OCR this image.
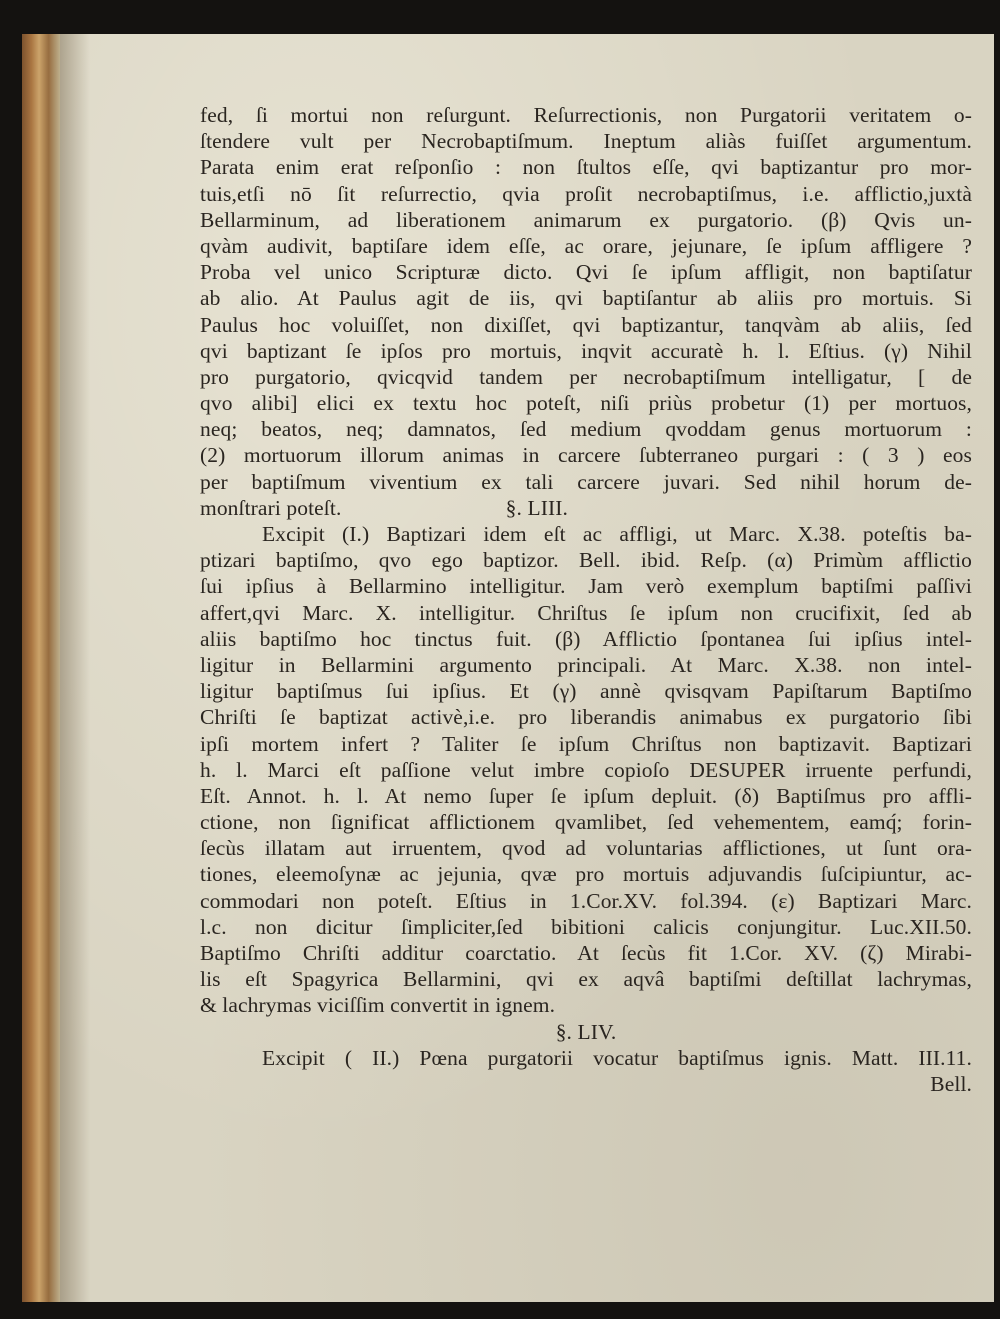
fed, ſi mortui non reſurgunt. Reſurrectionis, non Purgatorii veritatem o-
ſtendere vult per Necrobaptiſmum. Ineptum aliàs fuiſſet argumentum.
Parata enim erat reſponſio : non ſtultos eſſe, qvi baptizantur pro mor-
tuis,etſi nō ſit reſurrectio, qvia proſit necrobaptiſmus, i.e. afflictio,juxtà
Bellarminum, ad liberationem animarum ex purgatorio. (β) Qvis un-
qvàm audivit, baptiſare idem eſſe, ac orare, jejunare, ſe ipſum affligere ?
Proba vel unico Scripturæ dicto. Qvi ſe ipſum affligit, non baptiſatur
ab alio. At Paulus agit de iis, qvi baptiſantur ab aliis pro mortuis. Si
Paulus hoc voluiſſet, non dixiſſet, qvi baptizantur, tanqvàm ab aliis, ſed
qvi baptizant ſe ipſos pro mortuis, inqvit accuratè h. l. Eſtius. (γ) Nihil
pro purgatorio, qvicqvid tandem per necrobaptiſmum intelligatur, [ de
qvo alibi] elici ex textu hoc poteſt, niſi priùs probetur (1) per mortuos,
neq; beatos, neq; damnatos, ſed medium qvoddam genus mortuorum :
(2) mortuorum illorum animas in carcere ſubterraneo purgari : ( 3 ) eos
per baptiſmum viventium ex tali carcere juvari. Sed nihil horum de-
monſtrari poteſt.                              §. LIII.
Excipit (I.) Baptizari idem eſt ac affligi, ut Marc. X.38. poteſtis ba-
ptizari baptiſmo, qvo ego baptizor. Bell. ibid. Reſp. (α) Primùm afflictio
ſui ipſius à Bellarmino intelligitur. Jam verò exemplum baptiſmi paſſivi
affert,qvi Marc. X. intelligitur. Chriſtus ſe ipſum non crucifixit, ſed ab
aliis baptiſmo hoc tinctus fuit. (β) Afflictio ſpontanea ſui ipſius intel-
ligitur in Bellarmini argumento principali. At Marc. X.38. non intel-
ligitur baptiſmus ſui ipſius. Et (γ) annè qvisqvam Papiſtarum Baptiſmo
Chriſti ſe baptizat activè,i.e. pro liberandis animabus ex purgatorio ſibi
ipſi mortem infert ? Taliter ſe ipſum Chriſtus non baptizavit. Baptizari
h. l. Marci eſt paſſione velut imbre copioſo DESUPER irruente perfundi,
Eſt. Annot. h. l. At nemo ſuper ſe ipſum depluit. (δ) Baptiſmus pro affli-
ctione, non ſignificat afflictionem qvamlibet, ſed vehementem, eamq́; forin-
ſecùs illatam aut irruentem, qvod ad voluntarias afflictiones, ut ſunt ora-
tiones, eleemoſynæ ac jejunia, qvæ pro mortuis adjuvandis ſuſcipiuntur, ac-
commodari non poteſt. Eſtius in 1.Cor.XV. fol.394. (ε) Baptizari Marc.
l.c. non dicitur ſimpliciter,ſed bibitioni calicis conjungitur. Luc.XII.50.
Baptiſmo Chriſti additur coarctatio. At ſecùs fit 1.Cor. XV. (ζ) Mirabi-
lis eſt Spagyrica Bellarmini, qvi ex aqvâ baptiſmi deſtillat lachrymas,
& lachrymas viciſſim convertit in ignem.
§. LIV.
Excipit ( II.) Pœna purgatorii vocatur baptiſmus ignis. Matt. III.11.
Bell.
